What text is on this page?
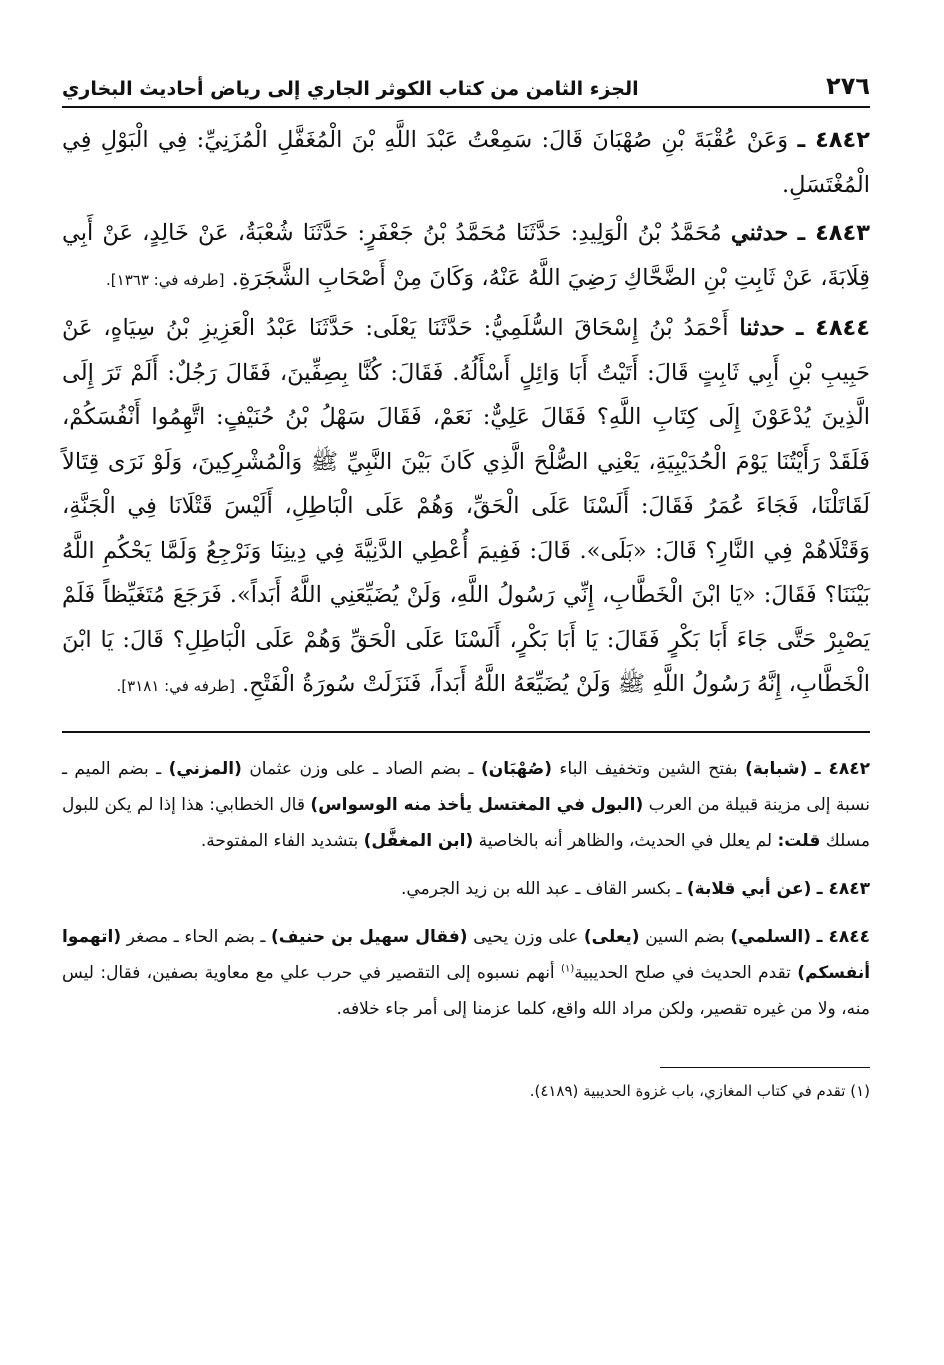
٢٧٦
الجزء الثامن من كتاب الكوثر الجاري إلى رياض أحاديث البخاري

٤٨٤٢ ـ وَعَنْ عُقْبَةَ بْنِ صُهْبَانَ قَالَ: سَمِعْتُ عَبْدَ اللَّهِ بْنَ الْمُغَفَّلِ الْمُزَنِيِّ: فِي الْبَوْلِ فِي الْمُغْتَسَلِ.

٤٨٤٣ ـ حدثني مُحَمَّدُ بْنُ الْوَلِيدِ: حَدَّثَنَا مُحَمَّدُ بْنُ جَعْفَرٍ: حَدَّثَنَا شُعْبَةُ، عَنْ خَالِدٍ، عَنْ أَبِي قِلَابَةَ، عَنْ ثَابِتِ بْنِ الضَّحَّاكِ رَضِيَ اللَّهُ عَنْهُ، وَكَانَ مِنْ أَصْحَابِ الشَّجَرَةِ. [طرفه في: ١٣٦٣].

٤٨٤٤ ـ حدثنا أَحْمَدُ بْنُ إِسْحَاقَ السُّلَمِيُّ: حَدَّثَنَا يَعْلَى: حَدَّثَنَا عَبْدُ الْعَزِيزِ بْنُ سِيَاهٍ، عَنْ حَبِيبِ بْنِ أَبِي ثَابِتٍ قَالَ: أَتَيْتُ أَبَا وَائِلٍ أَسْأَلُهُ. فَقَالَ: كُنَّا بِصِفِّينَ، فَقَالَ رَجُلٌ: أَلَمْ تَرَ إِلَى الَّذِينَ يُدْعَوْنَ إِلَى كِتَابِ اللَّهِ؟ فَقَالَ عَلِيٌّ: نَعَمْ، فَقَالَ سَهْلُ بْنُ حُنَيْفٍ: اتَّهِمُوا أَنْفُسَكُمْ، فَلَقَدْ رَأَيْتُنَا يَوْمَ الْحُدَيْبِيَةِ، يَعْنِي الصُّلْحَ الَّذِي كَانَ بَيْنَ النَّبِيِّ ﷺ وَالْمُشْرِكِينَ، وَلَوْ نَرَى قِتَالاً لَقَاتَلْنَا، فَجَاءَ عُمَرُ فَقَالَ: أَلَسْنَا عَلَى الْحَقِّ، وَهُمْ عَلَى الْبَاطِلِ، أَلَيْسَ قَتْلَانَا فِي الْجَنَّةِ، وَقَتْلَاهُمْ فِي النَّارِ؟ قَالَ: «بَلَى». قَالَ: فَفِيمَ أُعْطِي الدَّنِيَّةَ فِي دِينِنَا وَنَرْجِعُ وَلَمَّا يَحْكُمِ اللَّهُ بَيْنَنَا؟ فَقَالَ: «يَا ابْنَ الْخَطَّابِ، إِنِّي رَسُولُ اللَّهِ، وَلَنْ يُضَيِّعَنِي اللَّهُ أَبَداً». فَرَجَعَ مُتَغَيِّظاً فَلَمْ يَصْبِرْ حَتَّى جَاءَ أَبَا بَكْرٍ فَقَالَ: يَا أَبَا بَكْرٍ، أَلَسْنَا عَلَى الْحَقِّ وَهُمْ عَلَى الْبَاطِلِ؟ قَالَ: يَا ابْنَ الْخَطَّابِ، إِنَّهُ رَسُولُ اللَّهِ ﷺ وَلَنْ يُضَيِّعَهُ اللَّهُ أَبَداً، فَنَزَلَتْ سُورَةُ الْفَتْحِ. [طرفه في: ٣١٨١].

٤٨٤٢ ـ (شبابة) بفتح الشين وتخفيف الباء (صُهْبَان) ـ بضم الصاد ـ على وزن عثمان (المزني) ـ بضم الميم ـ نسبة إلى مزينة قبيلة من العرب (البول في المغتسل يأخذ منه الوسواس) قال الخطابي: هذا إذا لم يكن للبول مسلك قلت: لم يعلل في الحديث، والظاهر أنه بالخاصية (ابن المغفَّل) بتشديد الفاء المفتوحة.

٤٨٤٣ ـ (عن أبي قلابة) ـ بكسر القاف ـ عبد الله بن زيد الجرمي.

٤٨٤٤ ـ (السلمي) بضم السين (يعلى) على وزن يحيى (فقال سهيل بن حنيف) ـ بضم الحاء ـ مصغر (اتهموا أنفسكم) تقدم الحديث في صلح الحديبية$^{(١)}$ أنهم نسبوه إلى التقصير في حرب علي مع معاوية بصفين، فقال: ليس منه، ولا من غيره تقصير، ولكن مراد الله واقع، كلما عزمنا إلى أمر جاء خلافه.

(١) تقدم في كتاب المغازي، باب غزوة الحديبية (٤١٨٩).
